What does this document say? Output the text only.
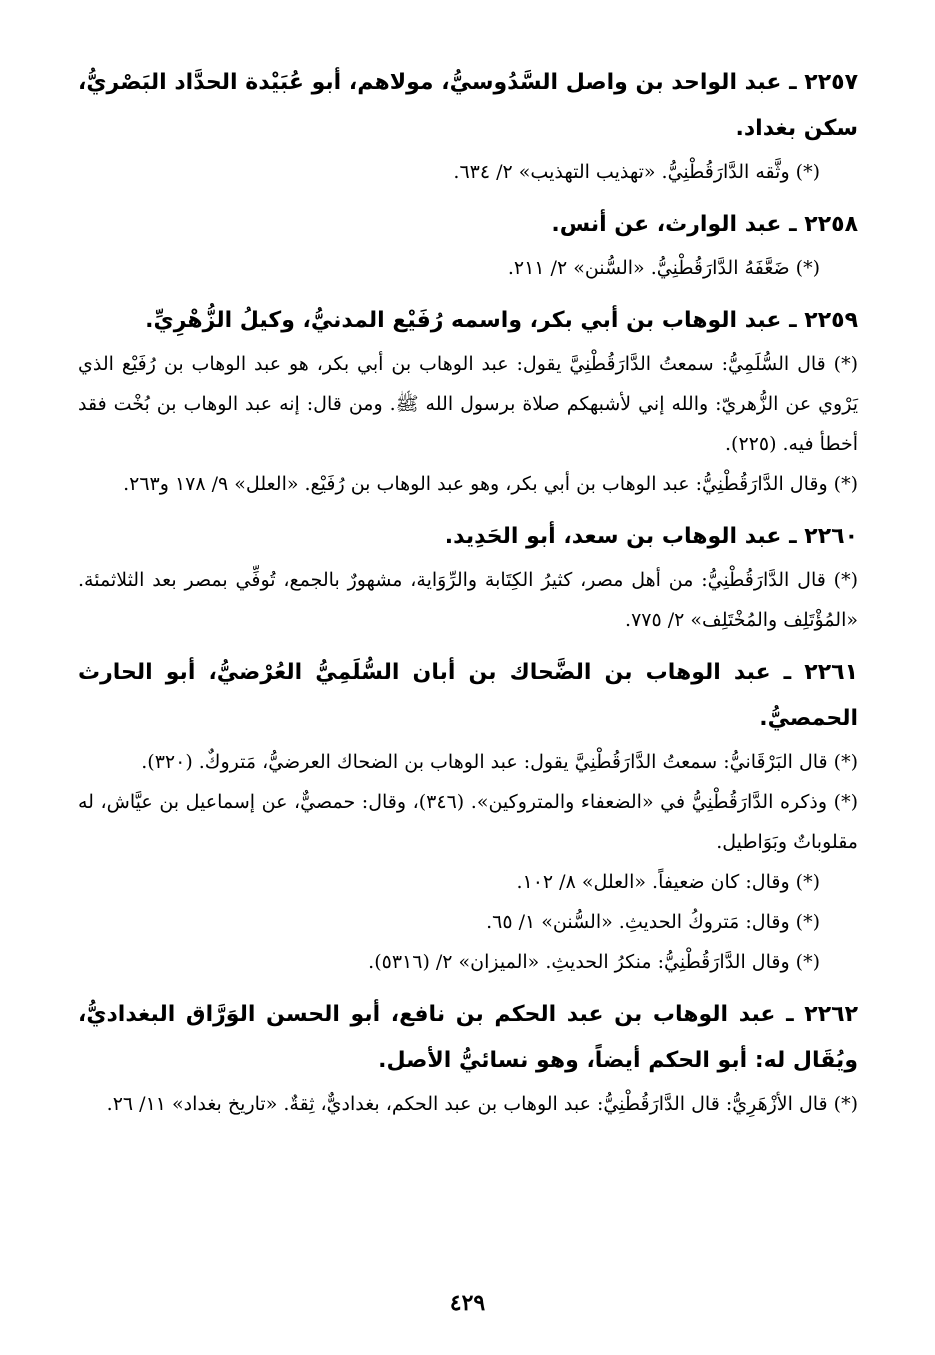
٢٢٥٧ ـ عبد الواحد بن واصل السَّدُوسيُّ، مولاهم، أبو عُبَيْدة الحدَّاد البَصْريُّ، سكن بغداد.

(*) وثَّقه الدَّارَقُطْنِيُّ. «تهذيب التهذيب» ٢/ ٦٣٤.

٢٢٥٨ ـ عبد الوارث، عن أنس.

(*) ضَعَّفَهُ الدَّارَقُطْنِيُّ. «السُّنن» ٢/ ٢١١.

٢٢٥٩ ـ عبد الوهاب بن أبي بكر، واسمه رُفَيْع المدنيُّ، وكيلُ الزُّهْرِيِّ.

(*) قال السُّلَمِيُّ: سمعتُ الدَّارَقُطْنِيَّ يقول: عبد الوهاب بن أبي بكر، هو عبد الوهاب بن رُفَيْع الذي يَرْوي عن الزُّهريّ: والله إني لأشبهكم صلاة برسول الله ﷺ. ومن قال: إنه عبد الوهاب بن بُخْت فقد أخطأ فيه. (٢٢٥).

(*) وقال الدَّارَقُطْنِيُّ: عبد الوهاب بن أبي بكر، وهو عبد الوهاب بن رُفَيْع. «العلل» ٩/ ١٧٨ و٢٦٣.

٢٢٦٠ ـ عبد الوهاب بن سعد، أبو الحَدِيد.

(*) قال الدَّارَقُطْنِيُّ: من أهل مصر، كثيرُ الكِتَابة والرِّوَاية، مشهورٌ بالجمع، تُوفِّي بمصر بعد الثلاثمئة. «المُؤْتَلِف والمُخْتَلِف» ٢/ ٧٧٥.

٢٢٦١ ـ عبد الوهاب بن الضَّحاك بن أبان السُّلَمِيُّ العُرْضيُّ، أبو الحارث الحمصيُّ.

(*) قال البَرْقَانيُّ: سمعتُ الدَّارَقُطْنِيَّ يقول: عبد الوهاب بن الضحاك العرضيُّ، مَتروكٌ. (٣٢٠).

(*) وذكره الدَّارَقُطْنِيُّ في «الضعفاء والمتروكين». (٣٤٦)، وقال: حمصيٌّ، عن إسماعيل بن عيَّاش، له مقلوباتٌ وبَوَاطيل.

(*) وقال: كان ضعيفاً. «العلل» ٨/ ١٠٢.

(*) وقال: مَتروكُ الحديثِ. «السُّنن» ١/ ٦٥.

(*) وقال الدَّارَقُطْنِيُّ: منكرُ الحديثِ. «الميزان» ٢/ (٥٣١٦).

٢٢٦٢ ـ عبد الوهاب بن عبد الحكم بن نافع، أبو الحسن الوَرَّاق البغداديُّ، ويُقَال له: أبو الحكم أيضاً، وهو نسائيُّ الأصل.

(*) قال الأزْهَرِيُّ: قال الدَّارَقُطْنِيُّ: عبد الوهاب بن عبد الحكم، بغداديٌّ، ثِقةٌ. «تاريخ بغداد» ١١/ ٢٦.

٤٢٩
